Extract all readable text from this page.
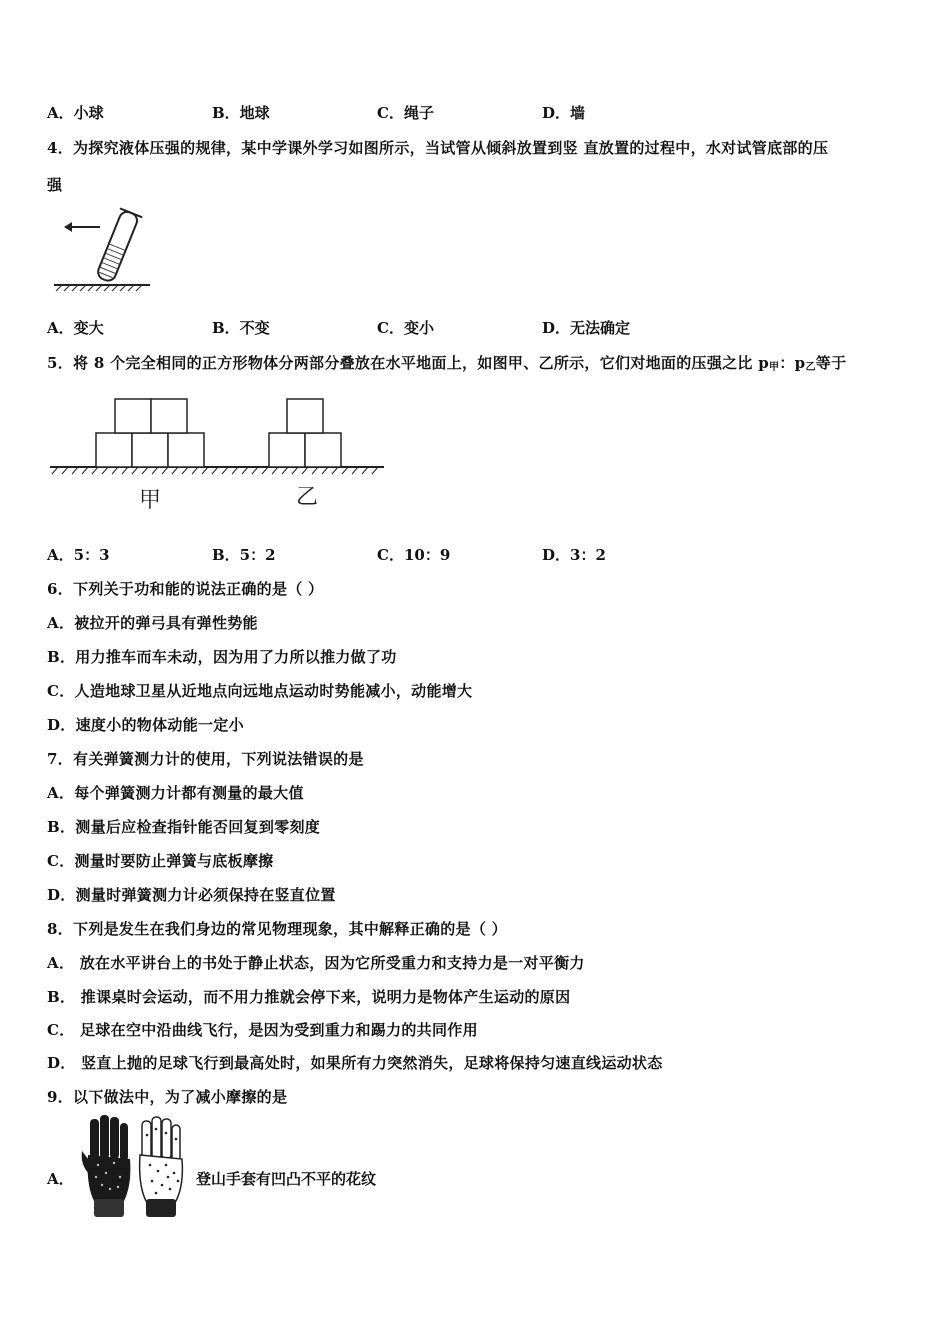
A．小球	B．地球	C．绳子	D．墙
4．为探究液体压强的规律，某中学课外学习如图所示，当试管从倾斜放置到竖 直放置的过程中，水对试管底部的压
强
A．变大	B．不变	C．变小	D．无法确定
5．将 8 个完全相同的正方形物体分两部分叠放在水平地面上，如图甲、乙所示，它们对地面的压强之比 $p_甲$：$p_乙$等于
甲	乙
A．5：3	B．5：2	C．10：9	D．3：2
6．下列关于功和能的说法正确的是（ ）
A．被拉开的弹弓具有弹性势能
B．用力推车而车未动，因为用了力所以推力做了功
C．人造地球卫星从近地点向远地点运动时势能减小，动能增大
D．速度小的物体动能一定小
7．有关弹簧测力计的使用，下列说法错误的是
A．每个弹簧测力计都有测量的最大值
B．测量后应检查指针能否回复到零刻度
C．测量时要防止弹簧与底板摩擦
D．测量时弹簧测力计必须保持在竖直位置
8．下列是发生在我们身边的常见物理现象，其中解释正确的是（ ）
A． 放在水平讲台上的书处于静止状态，因为它所受重力和支持力是一对平衡力
B． 推课桌时会运动，而不用力推就会停下来，说明力是物体产生运动的原因
C． 足球在空中沿曲线飞行，是因为受到重力和踢力的共同作用
D． 竖直上抛的足球飞行到最高处时，如果所有力突然消失，足球将保持匀速直线运动状态
9．以下做法中，为了减小摩擦的是
A．	登山手套有凹凸不平的花纹
